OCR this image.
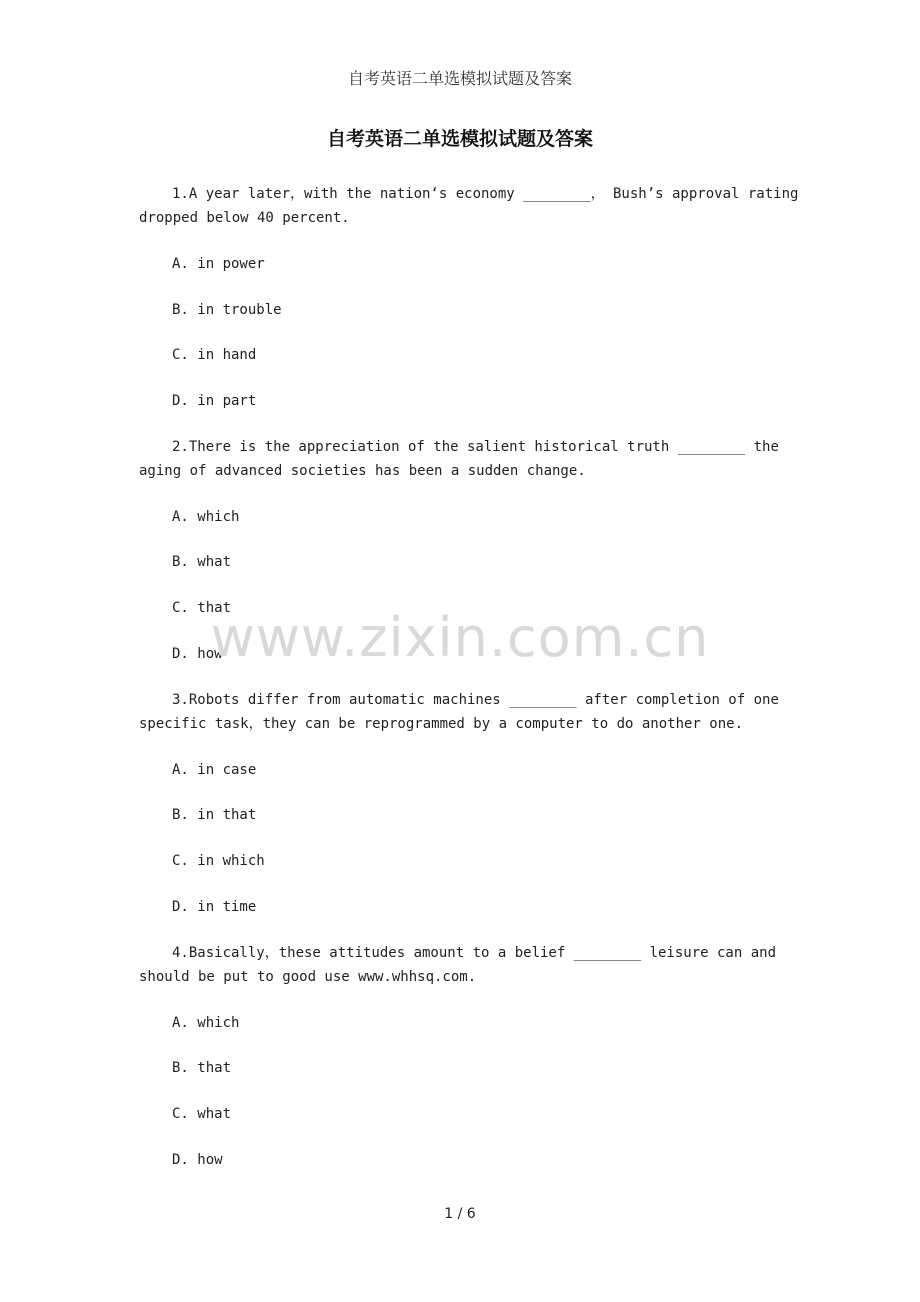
自考英语二单选模拟试题及答案
自考英语二单选模拟试题及答案

1.A year later，with the nation‘s economy ________， Bush’s approval rating dropped below 40 percent.

A. in power

B. in trouble

C. in hand

D. in part

2.There is the appreciation of the salient historical truth ________ the aging of advanced societies has been a sudden change.

A. which

B. what

C. that

D. how

3.Robots differ from automatic machines ________ after completion of one specific task，they can be reprogrammed by a computer to do another one.

A. in case

B. in that

C. in which

D. in time

4.Basically，these attitudes amount to a belief ________ leisure can and should be put to good use www.whhsq.com.

A. which

B. that

C. what

D. how

www.zixin.com.cn
1 / 6
